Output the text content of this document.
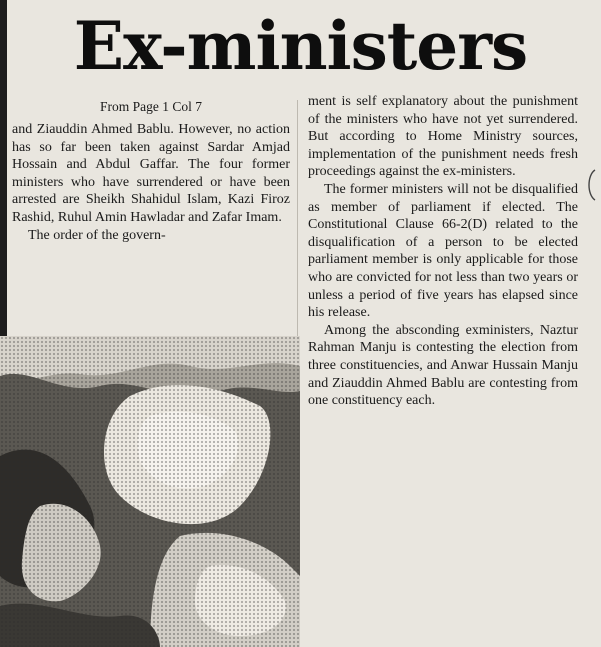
Ex-ministers
From Page 1 Col 7

and Ziauddin Ahmed Bablu. However, no action has so far been taken against Sardar Amjad Hossain and Abdul Gaffar. The four former ministers who have surrendered or have been arrested are Sheikh Shahidul Islam, Kazi Firoz Rashid, Ruhul Amin Hawladar and Zafar Imam.

The order of the govern-

ment is self explanatory about the punishment of the ministers who have not yet surrendered. But according to Home Ministry sources, implementation of the punishment needs fresh proceedings against the ex-ministers.

The former ministers will not be disqualified as member of parliament if elected. The Constitutional Clause 66-2(D) related to the disqualification of a person to be elected parliament member is only applicable for those who are convicted for not less than two years or unless a period of five years has elapsed since his release.

Among the absconding exministers, Naztur Rahman Manju is contesting the election from three constituencies, and Anwar Hussain Manju and Ziauddin Ahmed Bablu are contesting from one constituency each.
